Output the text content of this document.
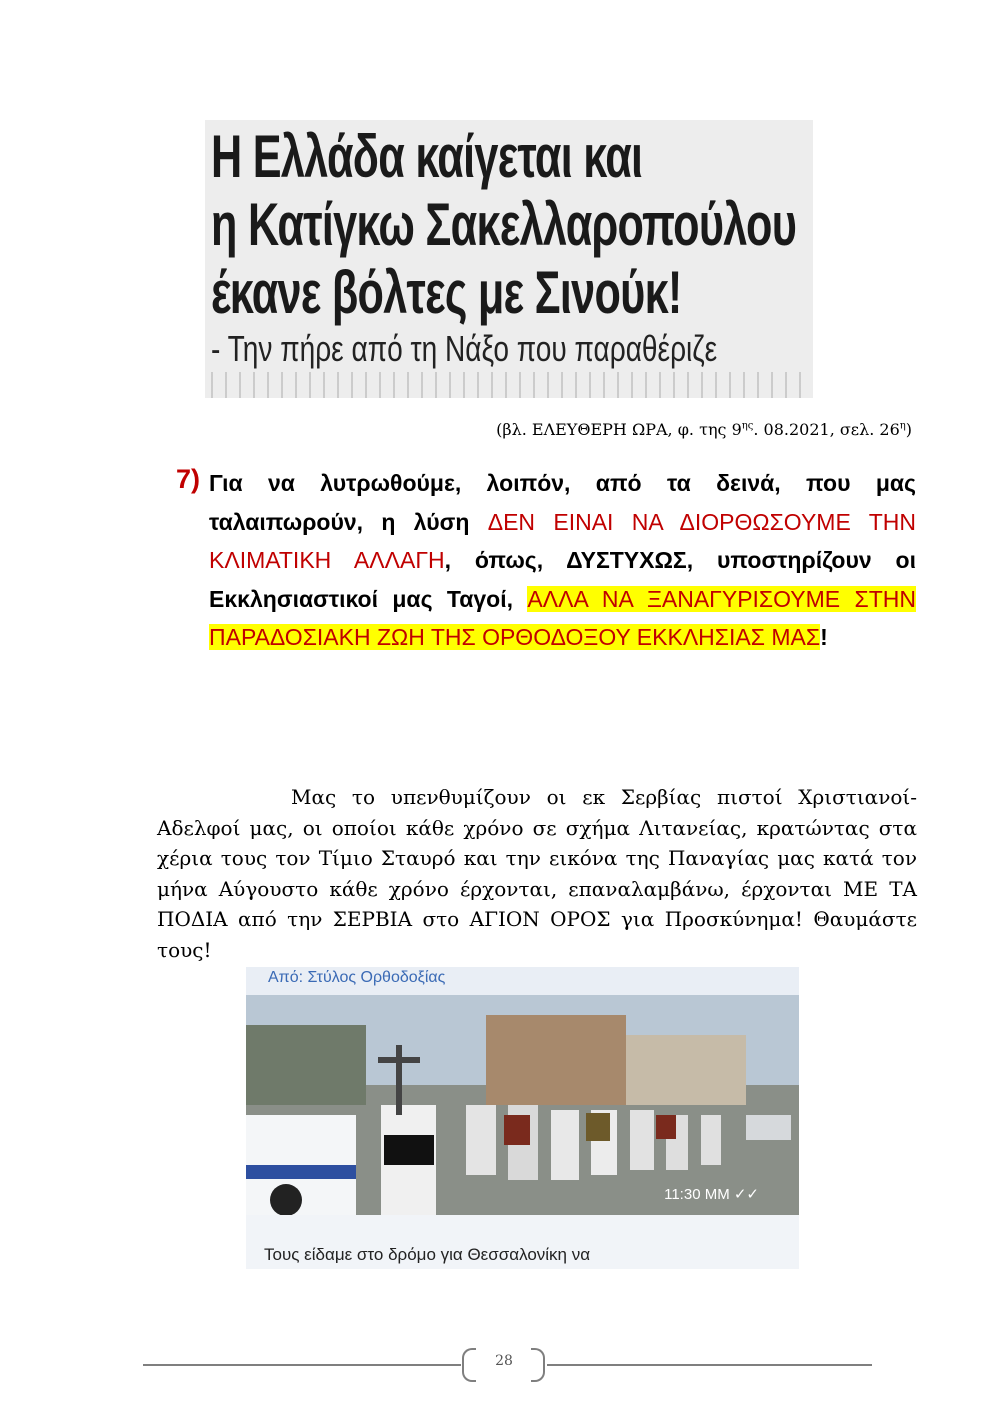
Η Ελλάδα καίγεται και
η Κατίγκω Σακελλαροπούλου
έκανε βόλτες με Σινούκ!
- Την πήρε από τη Νάξο που παραθέριζε
(βλ. ΕΛΕΥΘΕΡΗ ΩΡΑ, φ. της $9^{\eta\varsigma}$. 08.2021, σελ. $26^\eta$)
7) Για να λυτρωθούμε, λοιπόν, από τα δεινά, που μας ταλαιπωρούν, η λύση ΔΕΝ ΕΙΝΑΙ ΝΑ ΔΙΟΡΘΩΣΟΥΜΕ ΤΗΝ ΚΛΙΜΑΤΙΚΗ ΑΛΛΑΓΗ, όπως, ΔΥΣΤΥΧΩΣ, υποστηρίζουν οι Εκκλησιαστικοί μας Ταγοί, ΑΛΛΑ ΝΑ ΞΑΝΑΓΥΡΙΣΟΥΜΕ ΣΤΗΝ ΠΑΡΑΔΟΣΙΑΚΗ ΖΩΗ ΤΗΣ ΟΡΘΟΔΟΞΟΥ ΕΚΚΛΗΣΙΑΣ ΜΑΣ!
Μας το υπενθυμίζουν οι εκ Σερβίας πιστοί Χριστιανοί- Αδελφοί μας, οι οποίοι κάθε χρόνο σε σχήμα Λιτανείας, κρατώντας στα χέρια τους τον Τίμιο Σταυρό και την εικόνα της Παναγίας μας κατά τον μήνα Αύγουστο κάθε χρόνο έρχονται, επαναλαμβάνω, έρχονται ΜΕ ΤΑ ΠΟΔΙΑ από την ΣΕΡΒΙΑ στο ΑΓΙΟΝ ΟΡΟΣ για Προσκύνημα! Θαυμάστε τους!
Από: Στύλος Ορθοδοξίας
11:30 ΜΜ ✓✓
Τους είδαμε στο δρόμο για Θεσσαλονίκη να
28
